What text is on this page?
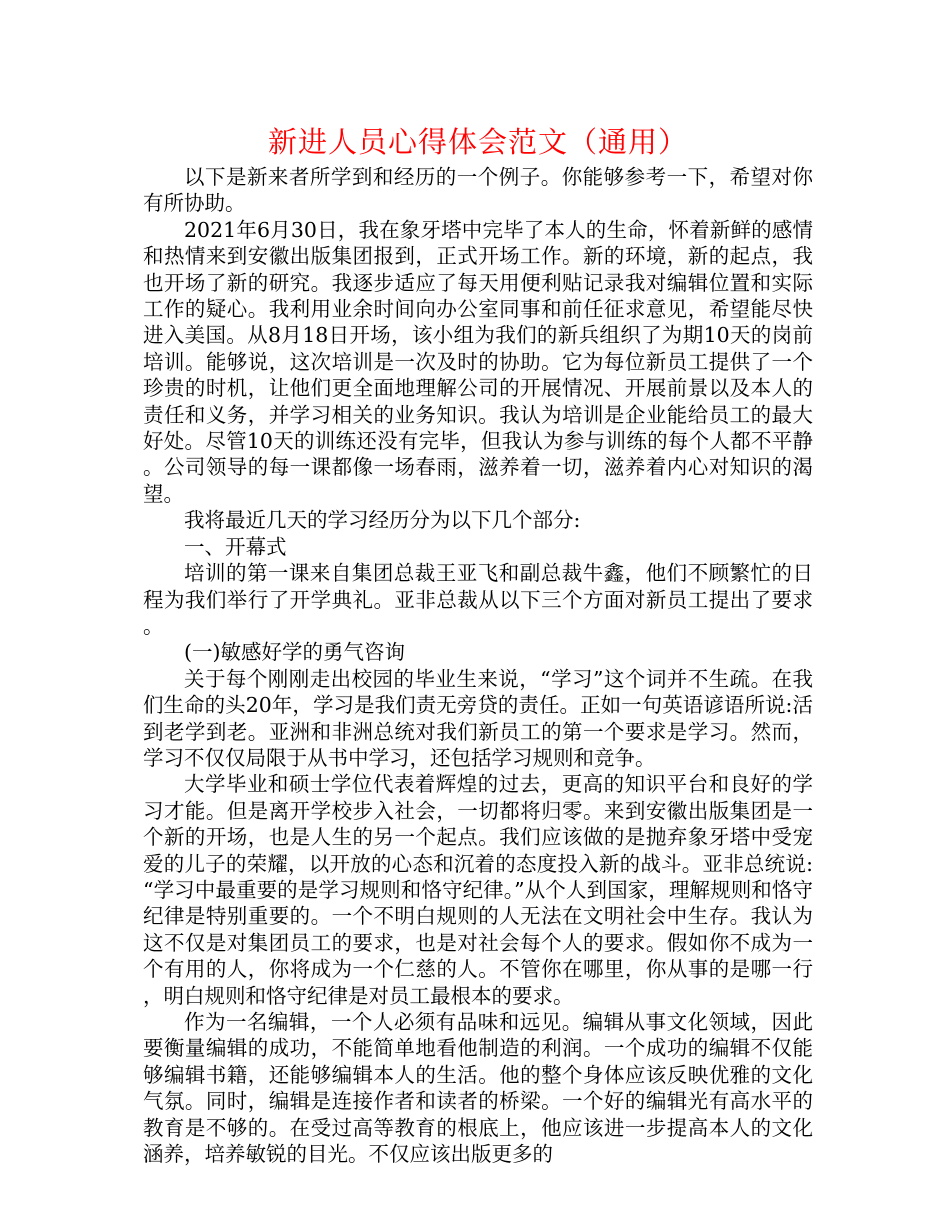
新进人员心得体会范文（通用）

以下是新来者所学到和经历的一个例子。你能够参考一下，希望对你有所协助。

2021年6月30日，我在象牙塔中完毕了本人的生命，怀着新鲜的感情和热情来到安徽出版集团报到，正式开场工作。新的环境，新的起点，我也开场了新的研究。我逐步适应了每天用便利贴记录我对编辑位置和实际工作的疑心。我利用业余时间向办公室同事和前任征求意见，希望能尽快进入美国。从8月18日开场，该小组为我们的新兵组织了为期10天的岗前培训。能够说，这次培训是一次及时的协助。它为每位新员工提供了一个珍贵的时机，让他们更全面地理解公司的开展情况、开展前景以及本人的责任和义务，并学习相关的业务知识。我认为培训是企业能给员工的最大好处。尽管10天的训练还没有完毕，但我认为参与训练的每个人都不平静。公司领导的每一课都像一场春雨，滋养着一切，滋养着内心对知识的渴望。

我将最近几天的学习经历分为以下几个部分:

一、开幕式

培训的第一课来自集团总裁王亚飞和副总裁牛鑫，他们不顾繁忙的日程为我们举行了开学典礼。亚非总裁从以下三个方面对新员工提出了要求。

(一)敏感好学的勇气咨询

关于每个刚刚走出校园的毕业生来说，“学习”这个词并不生疏。在我们生命的头20年，学习是我们责无旁贷的责任。正如一句英语谚语所说:活到老学到老。亚洲和非洲总统对我们新员工的第一个要求是学习。然而，学习不仅仅局限于从书中学习，还包括学习规则和竞争。

大学毕业和硕士学位代表着辉煌的过去，更高的知识平台和良好的学习才能。但是离开学校步入社会，一切都将归零。来到安徽出版集团是一个新的开场，也是人生的另一个起点。我们应该做的是抛弃象牙塔中受宠爱的儿子的荣耀，以开放的心态和沉着的态度投入新的战斗。亚非总统说:“学习中最重要的是学习规则和恪守纪律。”从个人到国家，理解规则和恪守纪律是特别重要的。一个不明白规则的人无法在文明社会中生存。我认为这不仅是对集团员工的要求，也是对社会每个人的要求。假如你不成为一个有用的人，你将成为一个仁慈的人。不管你在哪里，你从事的是哪一行，明白规则和恪守纪律是对员工最根本的要求。

作为一名编辑，一个人必须有品味和远见。编辑从事文化领域，因此要衡量编辑的成功，不能简单地看他制造的利润。一个成功的编辑不仅能够编辑书籍，还能够编辑本人的生活。他的整个身体应该反映优雅的文化气氛。同时，编辑是连接作者和读者的桥梁。一个好的编辑光有高水平的教育是不够的。在受过高等教育的根底上，他应该进一步提高本人的文化涵养，培养敏锐的目光。不仅应该出版更多的
